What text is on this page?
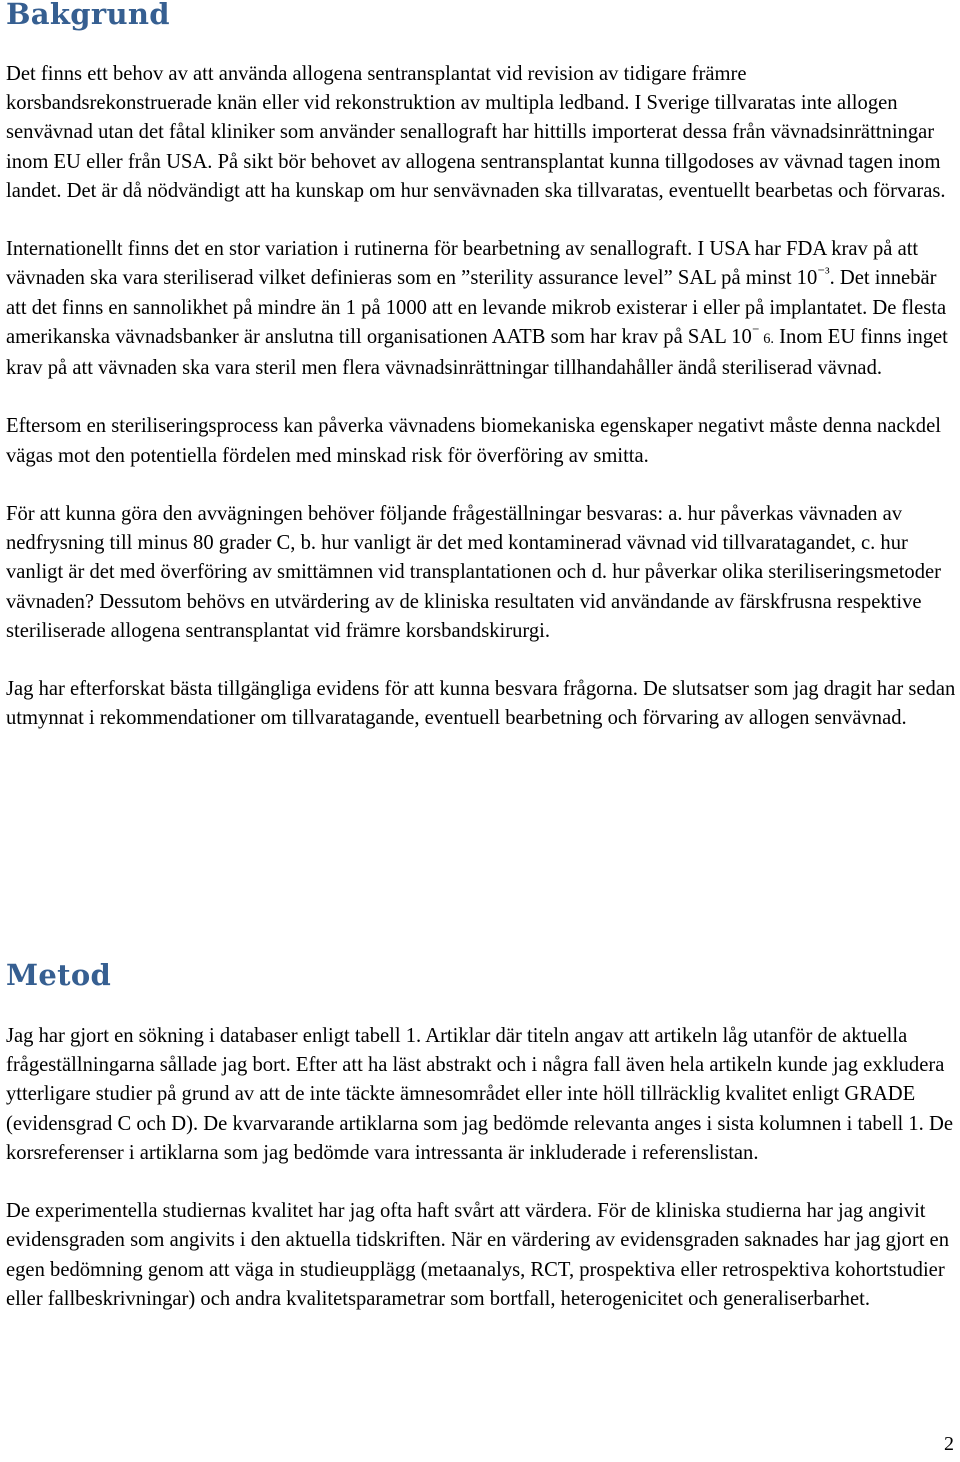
Bakgrund

Det finns ett behov av att använda allogena sentransplantat vid revision av tidigare främre korsbandsrekonstruerade knän eller vid rekonstruktion av multipla ledband. I Sverige tillvaratas inte allogen senvävnad utan det fåtal kliniker som använder senallograft har hittills importerat dessa från vävnadsinrättningar inom EU eller från USA. På sikt bör behovet av allogena sentransplantat kunna tillgodoses av vävnad tagen inom landet. Det är då nödvändigt att ha kunskap om hur senvävnaden ska tillvaratas, eventuellt bearbetas och förvaras.

Internationellt finns det en stor variation i rutinerna för bearbetning av senallograft. I USA har FDA krav på att vävnaden ska vara steriliserad vilket definieras som en ”sterility assurance level” SAL på minst $10^{^{-3}}$. Det innebär att det finns en sannolikhet på mindre än 1 på 1000 att en levande mikrob existerar i eller på implantatet. De flesta amerikanska vävnadsbanker är anslutna till organisationen AATB som har krav på SAL 10⁻ 6. Inom EU finns inget krav på att vävnaden ska vara steril men flera vävnadsinrättningar tillhandahåller ändå steriliserad vävnad.

Eftersom en steriliseringsprocess kan påverka vävnadens biomekaniska egenskaper negativt måste denna nackdel vägas mot den potentiella fördelen med minskad risk för överföring av smitta.

För att kunna göra den avvägningen behöver följande frågeställningar besvaras: a. hur påverkas vävnaden av nedfrysning till minus 80 grader C, b. hur vanligt är det med kontaminerad vävnad vid tillvaratagandet, c. hur vanligt är det med överföring av smittämnen vid transplantationen och d. hur påverkar olika steriliseringsmetoder vävnaden? Dessutom behövs en utvärdering av de kliniska resultaten vid användande av färskfrusna respektive steriliserade allogena sentransplantat vid främre korsbandskirurgi.

Jag har efterforskat bästa tillgängliga evidens för att kunna besvara frågorna. De slutsatser som jag dragit har sedan utmynnat i rekommendationer om tillvaratagande, eventuell bearbetning och förvaring av allogen senvävnad.

Metod

Jag har gjort en sökning i databaser enligt tabell 1. Artiklar där titeln angav att artikeln låg utanför de aktuella frågeställningarna sållade jag bort. Efter att ha läst abstrakt och i några fall även hela artikeln kunde jag exkludera ytterligare studier på grund av att de inte täckte ämnesområdet eller inte höll tillräcklig kvalitet enligt GRADE (evidensgrad C och D). De kvarvarande artiklarna som jag bedömde relevanta anges i sista kolumnen i tabell 1. De korsreferenser i artiklarna som jag bedömde vara intressanta är inkluderade i referenslistan.

De experimentella studiernas kvalitet har jag ofta haft svårt att värdera. För de kliniska studierna har jag angivit evidensgraden som angivits i den aktuella tidskriften. När en värdering av evidensgraden saknades har jag gjort en egen bedömning genom att väga in studieupplägg (metaanalys, RCT, prospektiva eller retrospektiva kohortstudier eller fallbeskrivningar) och andra kvalitetsparametrar som bortfall, heterogenicitet och generaliserbarhet.

2
